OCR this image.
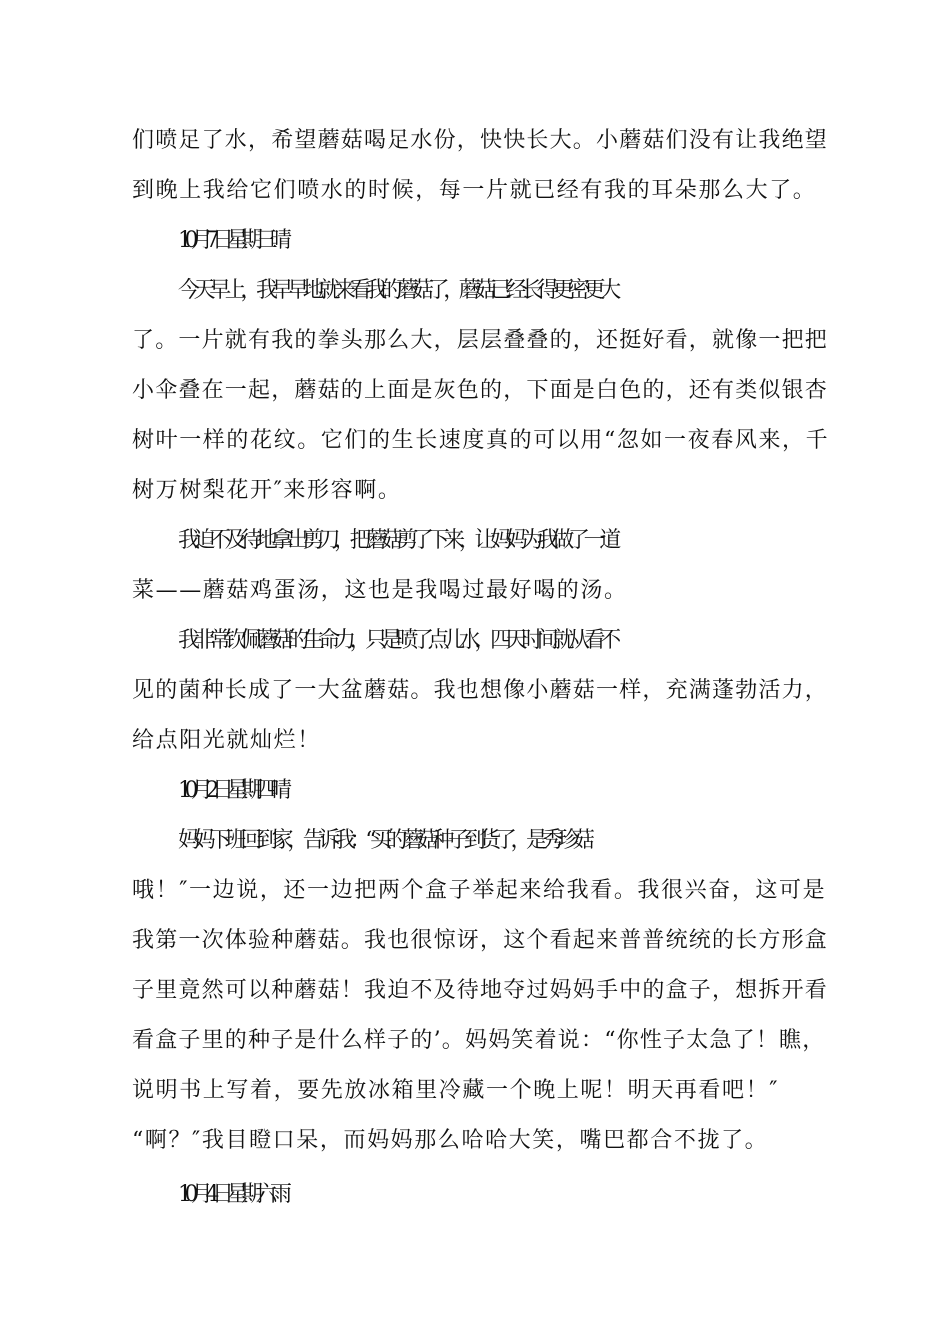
们喷足了水，希望蘑菇喝足水份，快快长大。小蘑菇们没有让我绝望
到晚上我给它们喷水的时候，每一片就已经有我的耳朵那么大了。
10月7日星期三晴
今天早上，我早早地就来看我的蘑菇了，蘑菇已经长得更密更大
了。一片就有我的拳头那么大，层层叠叠的，还挺好看，就像一把把
小伞叠在一起，蘑菇的上面是灰色的，下面是白色的，还有类似银杏
树叶一样的花纹。它们的生长速度真的可以用“忽如一夜春风来，千
树万树梨花开″来形容啊。
我迫不及待地拿出剪刀，把蘑菇剪了下来，让妈妈为我做了一道
菜——蘑菇鸡蛋汤，这也是我喝过最好喝的汤。
我非常钦佩蘑菇的生命力，只是喷了点儿水，四天时间就从看不
见的菌种长成了一大盆蘑菇。我也想像小蘑菇一样，充满蓬勃活力，
给点阳光就灿烂！
10月2日星期四晴
妈妈下班回到家，告诉我：“买的蘑菇种子到货了，是秀珍菇
哦！″一边说，还一边把两个盒子举起来给我看。我很兴奋，这可是
我第一次体验种蘑菇。我也很惊讶，这个看起来普普统统的长方形盒
子里竟然可以种蘑菇！我迫不及待地夺过妈妈手中的盒子，想拆开看
看盒子里的种子是什么样子的’。妈妈笑着说：“你性子太急了！瞧，
说明书上写着，要先放冰箱里冷藏一个晚上呢！明天再看吧！″
“啊？″我目瞪口呆，而妈妈那么哈哈大笑，嘴巴都合不拢了。
10月4日星期六雨
